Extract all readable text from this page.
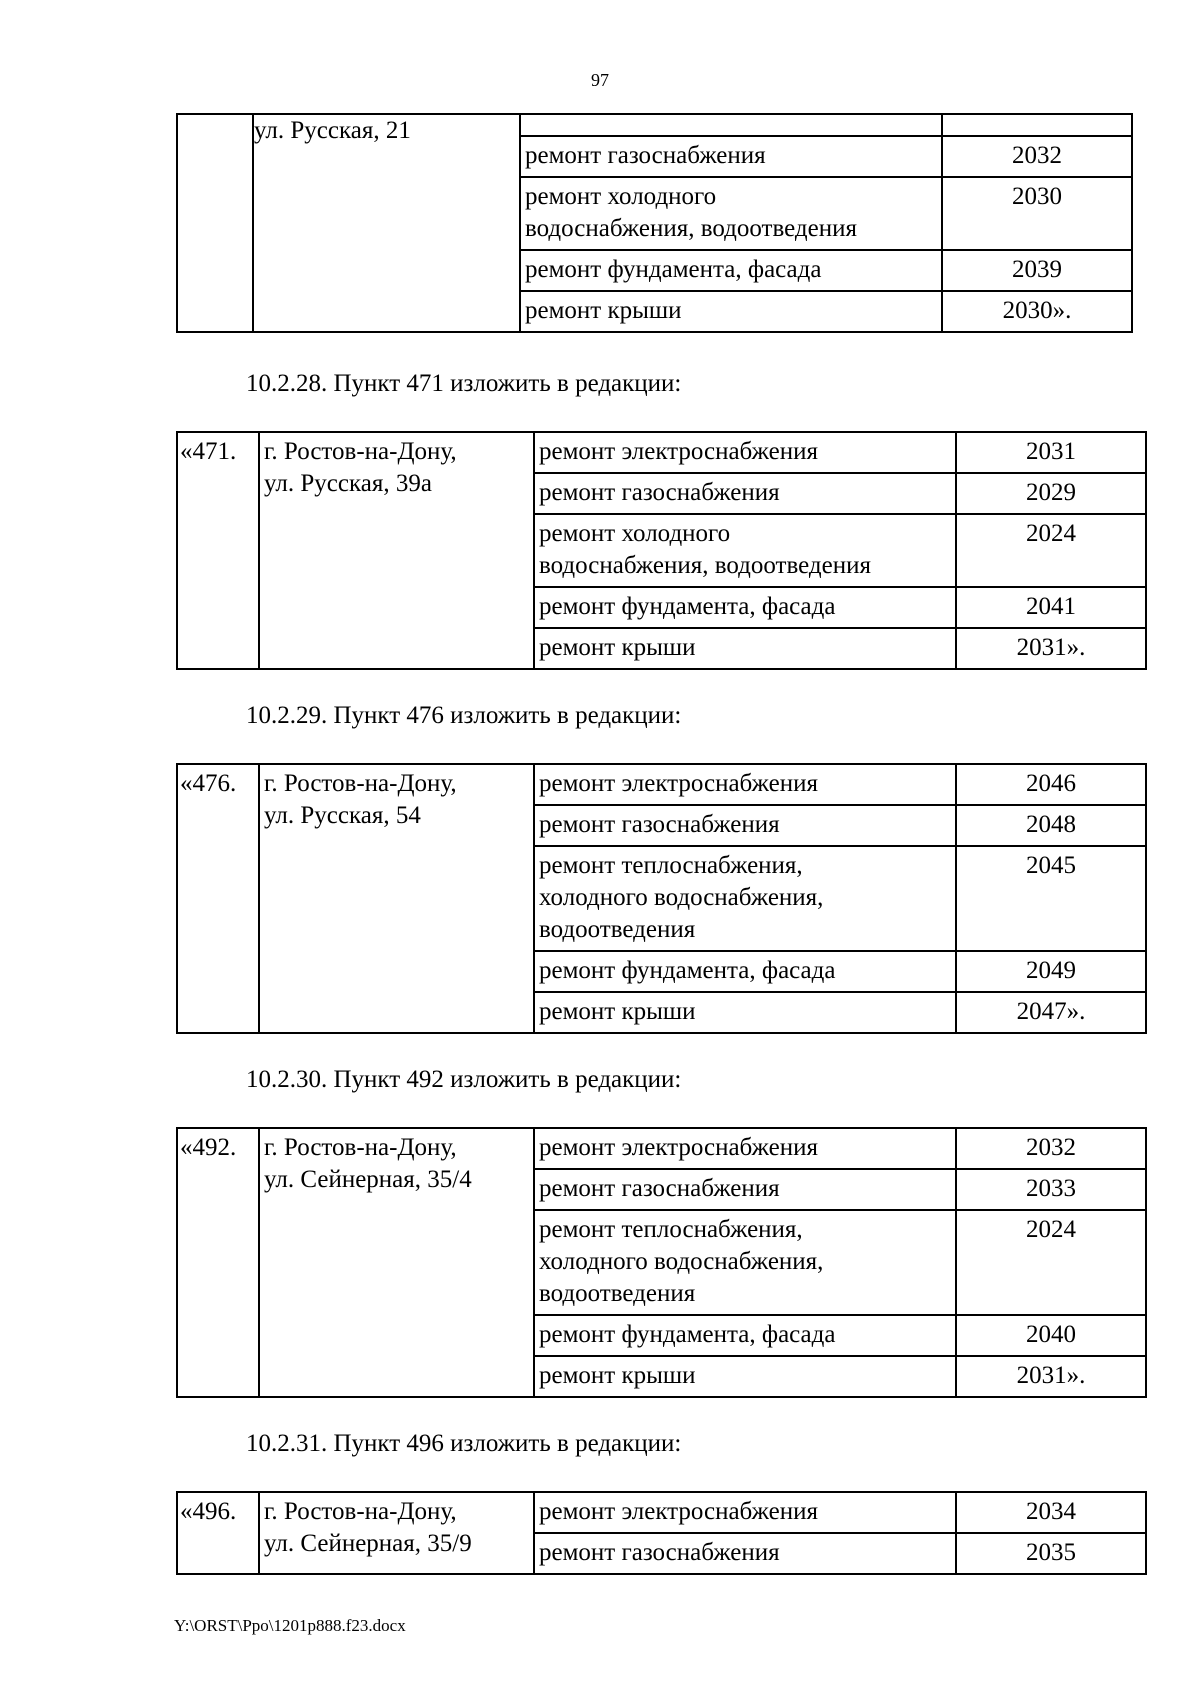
97

	ул. Русская, 21		

		ремонт газоснабжения	2032

		ремонт холодного
водоснабжения, водоотведения	2030

		ремонт фундамента, фасада	2039

		ремонт крыши	2030».
10.2.28. Пункт 471 изложить в редакции:
«471.	г. Ростов-на-Дону,
ул. Русская, 39а	ремонт электроснабжения	2031

		ремонт газоснабжения	2029

		ремонт холодного
водоснабжения, водоотведения	2024

		ремонт фундамента, фасада	2041

		ремонт крыши	2031».
10.2.29. Пункт 476 изложить в редакции:
«476.	г. Ростов-на-Дону,
ул. Русская, 54	ремонт электроснабжения	2046

		ремонт газоснабжения	2048

		ремонт теплоснабжения,
холодного водоснабжения,
водоотведения	2045

		ремонт фундамента, фасада	2049

		ремонт крыши	2047».
10.2.30. Пункт 492 изложить в редакции:
«492.	г. Ростов-на-Дону,
ул. Сейнерная, 35/4	ремонт электроснабжения	2032

		ремонт газоснабжения	2033

		ремонт теплоснабжения,
холодного водоснабжения,
водоотведения	2024

		ремонт фундамента, фасада	2040

		ремонт крыши	2031».
10.2.31. Пункт 496 изложить в редакции:
«496.	г. Ростов-на-Дону,
ул. Сейнерная, 35/9	ремонт электроснабжения	2034

		ремонт газоснабжения	2035
Y:\ORST\Ppo\1201p888.f23.docx
